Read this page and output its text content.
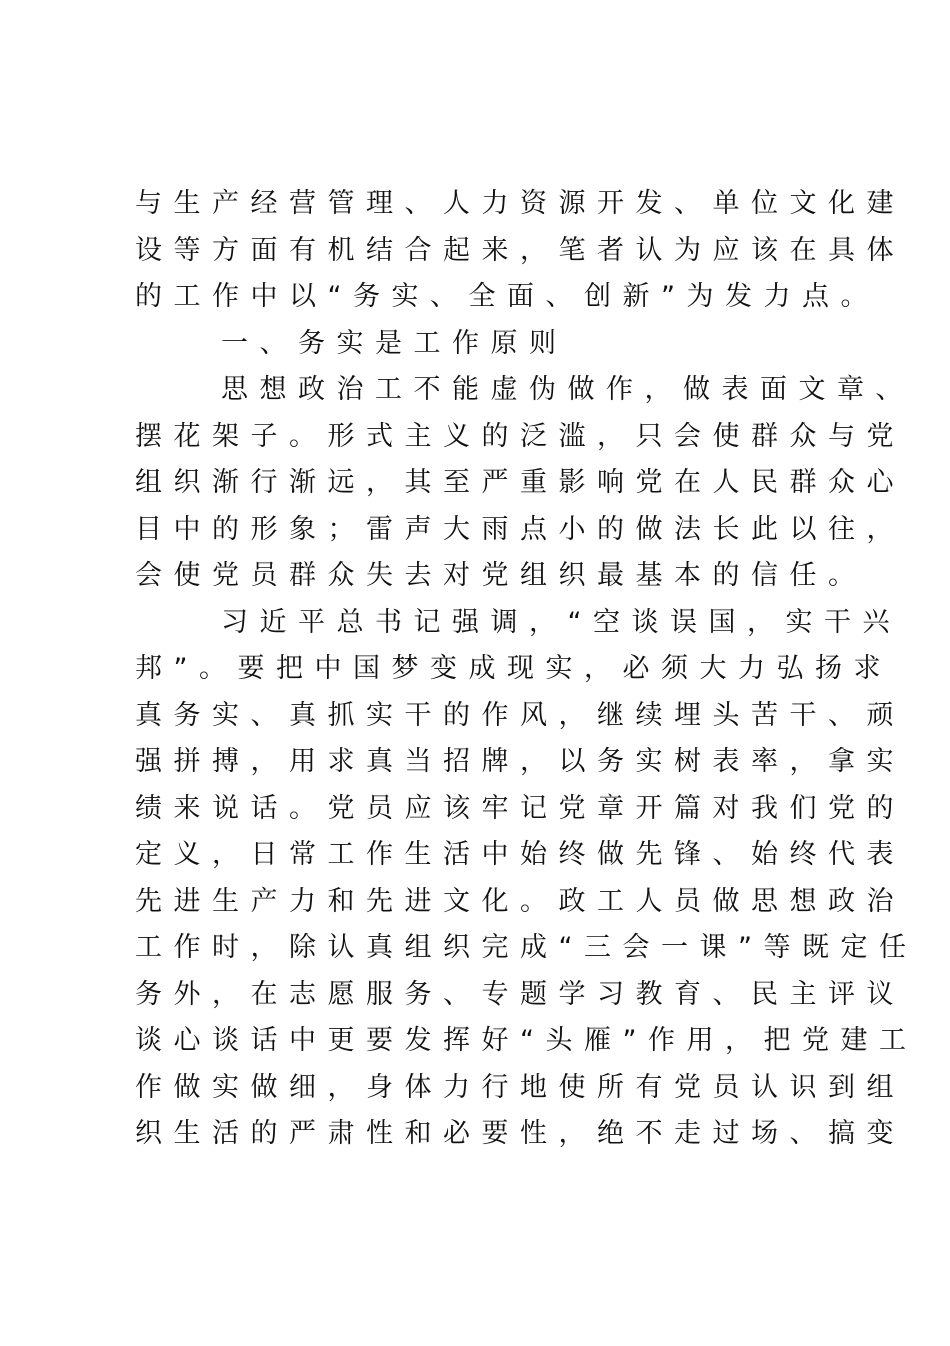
与生产经营管理、人力资源开发、单位文化建
设等方面有机结合起来，笔者认为应该在具体
的工作中以“务实、全面、创新”为发力点。
一、务实是工作原则
思想政治工不能虚伪做作，做表面文章、
摆花架子。形式主义的泛滥，只会使群众与党
组织渐行渐远，其至严重影响党在人民群众心
目中的形象；雷声大雨点小的做法长此以往，
会使党员群众失去对党组织最基本的信任。
习近平总书记强调，“空谈误国，实干兴
邦”。要把中国梦变成现实，必须大力弘扬求
真务实、真抓实干的作风，继续埋头苦干、顽
强拼搏，用求真当招牌，以务实树表率，拿实
绩来说话。党员应该牢记党章开篇对我们党的
定义，日常工作生活中始终做先锋、始终代表
先进生产力和先进文化。政工人员做思想政治
工作时，除认真组织完成“三会一课”等既定任
务外，在志愿服务、专题学习教育、民主评议
谈心谈话中更要发挥好“头雁”作用，把党建工
作做实做细，身体力行地使所有党员认识到组
织生活的严肃性和必要性，绝不走过场、搞变
